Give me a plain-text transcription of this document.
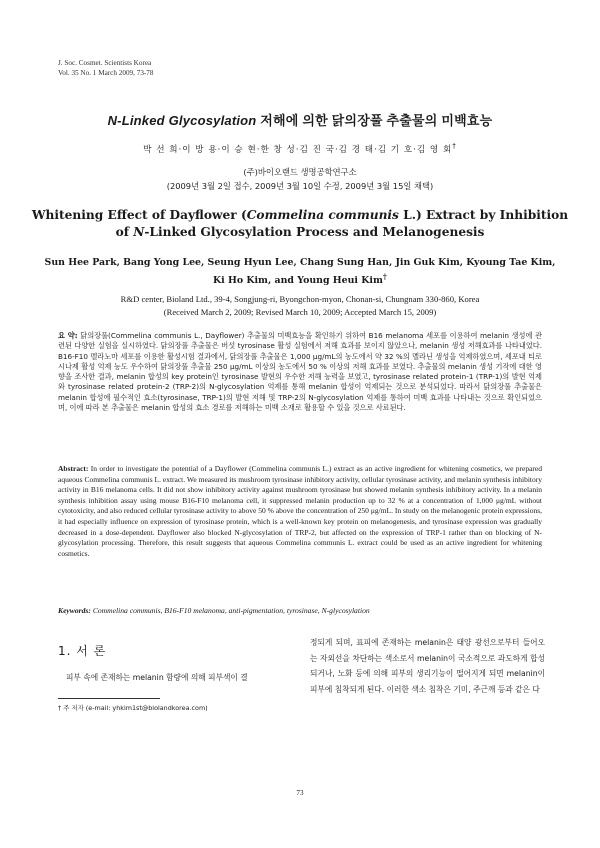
J. Soc. Cosmet. Scientists Korea
Vol. 35 No. 1 March 2009, 73-78
N-Linked Glycosylation 저해에 의한 닭의장풀 추출물의 미백효능
박 선 희·이 방 용·이 승 현·한 창 성·김 진 국·김 경 태·김 기 호·김 영 회†
(주)바이오랜드 생명공학연구소
(2009년 3월 2일 접수, 2009년 3월 10일 수정, 2009년 3월 15일 채택)
Whitening Effect of Dayflower (Commelina communis L.) Extract by Inhibition
of N-Linked Glycosylation Process and Melanogenesis
Sun Hee Park, Bang Yong Lee, Seung Hyun Lee, Chang Sung Han, Jin Guk Kim, Kyoung Tae Kim,
Ki Ho Kim, and Young Heui Kim†
R&D center, Bioland Ltd., 39-4, Songjung-ri, Byongchon-myon, Chonan-si, Chungnam 330-860, Korea
(Received March 2, 2009; Revised March 10, 2009; Accepted March 15, 2009)
요 약: 닭의장풀(Commelina communis L., Dayflower) 추출물의 미백효능을 확인하기 위하여 B16 melanoma 세포를 이용하여 melanin 생성에 관련된 다양한 실험을 실시하였다. 닭의장풀 추출물은 버섯 tyrosinase 활성 실험에서 저해 효과를 보이지 않았으나, melanin 생성 저해효과를 나타내었다. B16-F10 멜라노마 세포를 이용한 활성시험 결과에서, 닭의장풀 추출물은 1,000 μg/mL의 농도에서 약 32 %의 멜라닌 생성을 억제하였으며, 세포내 티로시나제 활성 억제 능도 우수하여 닭의장풀 추출물 250 μg/mL 이상의 농도에서 50 % 이상의 저해 효과를 보였다. 추출물의 melanin 생성 기작에 대한 영향을 조사한 결과, melanin 합성의 key protein인 tyrosinase 발현의 우수한 저해 능력을 보였고, tyrosinase related protein-1 (TRP-1)의 발현 억제와 tyrosinase related protein-2 (TRP-2)의 N-glycosylation 억제를 통해 melanin 합성이 억제되는 것으로 분석되었다. 따라서 닭의장풀 추출물은 melanin 합성에 필수적인 효소(tyrosinase, TRP-1)의 발현 저해 및 TRP-2의 N-glycosylation 억제를 통하여 미백 효과를 나타내는 것으로 확인되었으며, 이에 따라 본 추출물은 melanin 합성의 효소 경로를 저해하는 미백 소재로 활용할 수 있을 것으로 사료된다.
Abstract: In order to investigate the potential of a Dayflower (Commelina communis L.) extract as an active ingredient for whitening cosmetics, we prepared aqueous Commelina communis L. extract. We measured its mushroom tyrosinase inhibitory activity, cellular tyrosinase activity, and melanin synthesis inhibitory activity in B16 melanoma cells. It did not show inhibitory activity against mushroom tyrosinase but showed melanin synthesis inhibitory activity. In a melanin synthesis inhibition assay using mouse B16-F10 melanoma cell, it suppressed melanin production up to 32 % at a concentration of 1,000 μg/mL without cytotoxicity, and also reduced cellular tyrosinase activity to above 50 % above the concentration of 250 μg/mL. In study on the melanogenic protein expressions, it had especially influence on expression of tyrosinase protein, which is a well-known key protein on melanogenesis, and tyrosinase expression was gradually decreased in a dose-dependent. Dayflower also blocked N-glycosylation of TRP-2, but affected on the expression of TRP-1 rather than on blocking of N-glycosylation processing. Therefore, this result suggests that aqueous Commelina communis L. extract could be used as an active ingredient for whitening cosmetics.
Keywords: Commelina communis, B16-F10 melanoma, anti-pigmentation, tyrosinase, N-glycosylation
1. 서 론
피부 속에 존재하는 melanin 함량에 의해 피부색이 결
† 주 저자 (e-mail: yhkim1st@biolandkorea.com)
정되게 되며, 표피에 존재하는 melanin은 태양 광선으로부터 들어오는 자외선을 차단하는 색소로서 melanin이 국소적으로 과도하게 합성되거나, 노화 등에 의해 피부의 생리기능이 떨어지게 되면 melanin이 피부에 침착되게 된다. 이러한 색소 침착은 기미, 주근깨 등과 같은 다
73
